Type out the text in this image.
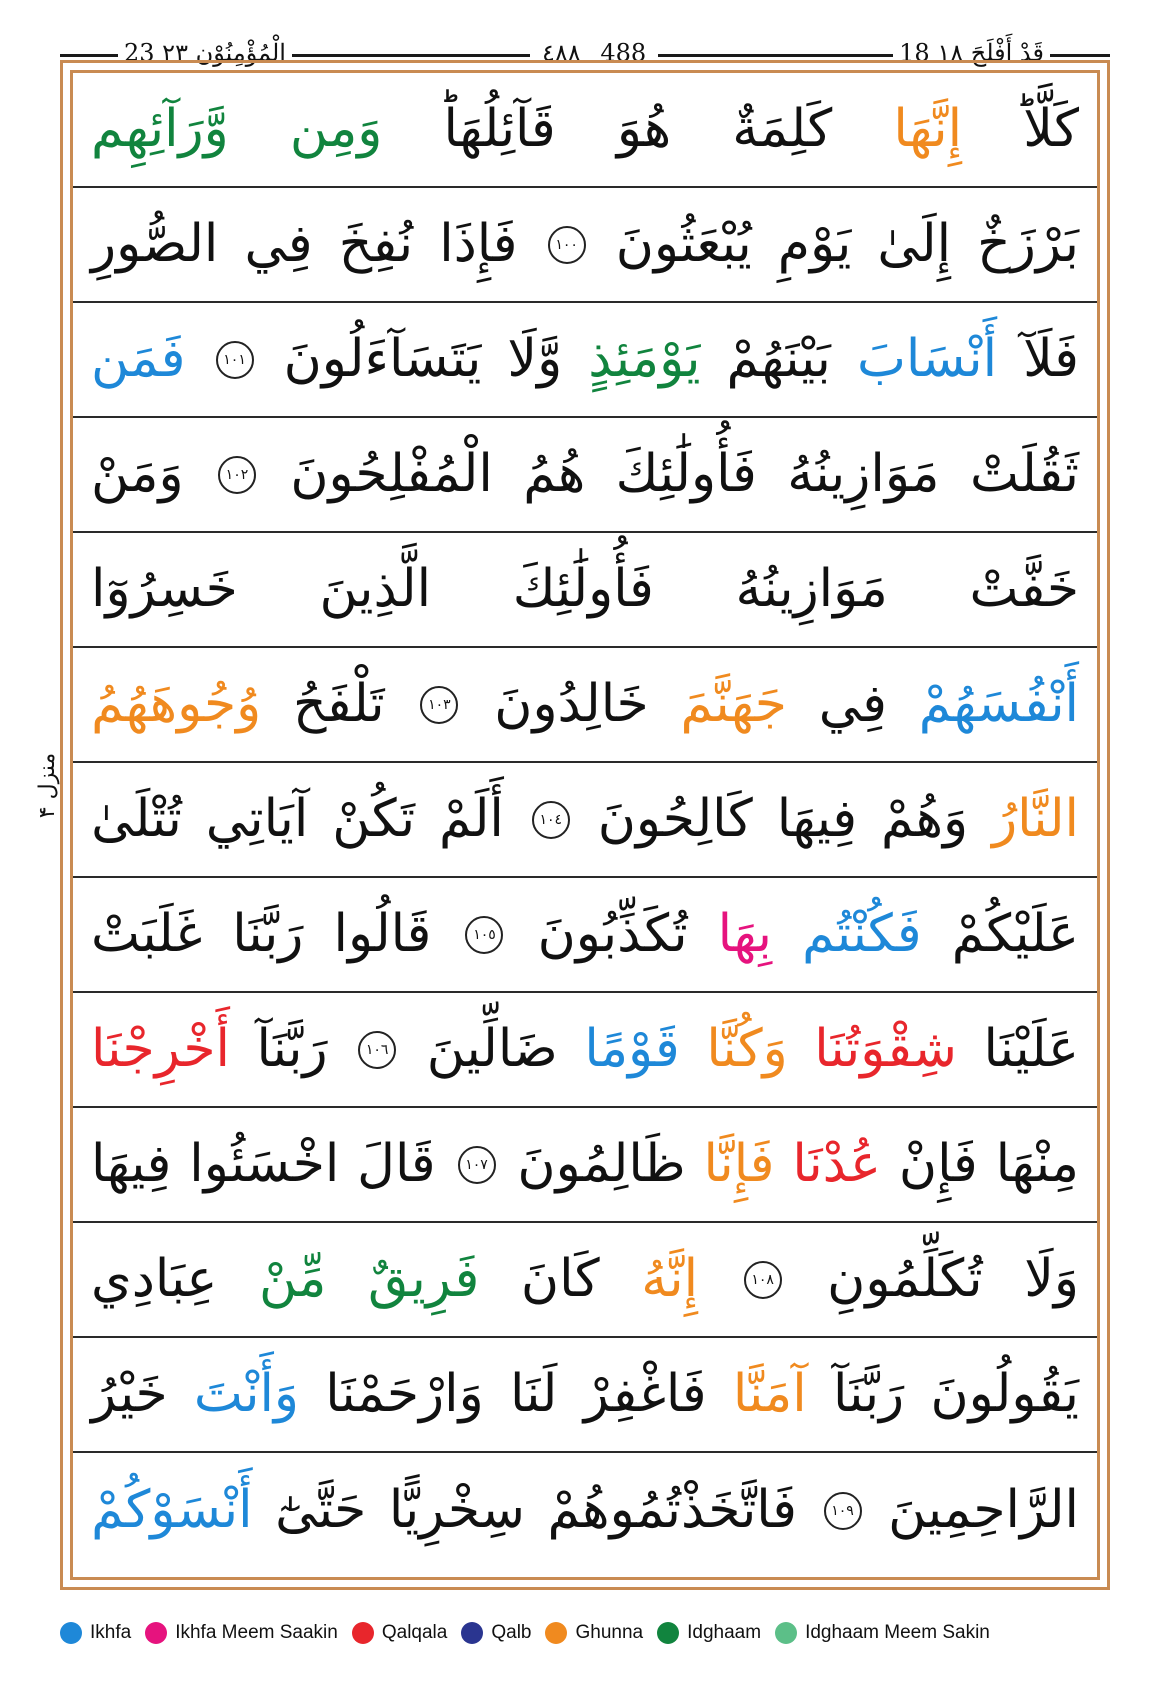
23 الْمُؤْمِنُوْن ٢٣	٤٨٨ 488	18 قَدْ أَفْلَحَ ١٨
كَلَّاؕ
إِنَّهَا
كَلِمَةٌ
هُوَ
قَآئِلُهَاؕ
وَمِن
وَّرَآئِهِم
بَرْزَخٌ
إِلَىٰ
يَوْمِ
يُبْعَثُونَ
١٠٠
فَإِذَا
نُفِخَ
فِي
الصُّورِ
فَلَآ
أَنْسَابَ
بَيْنَهُمْ
يَوْمَئِذٍ
وَّلَا
يَتَسَآءَلُونَ
١٠١
فَمَن
ثَقُلَتْ
مَوَازِينُهُ
فَأُولَٰئِكَ
هُمُ
الْمُفْلِحُونَ
١٠٢
وَمَنْ
خَفَّتْ
مَوَازِينُهُ
فَأُولَٰئِكَ
الَّذِينَ
خَسِرُوٓا
أَنْفُسَهُمْ
فِي
جَهَنَّمَ
خَالِدُونَ
١٠٣
تَلْفَحُ
وُجُوهَهُمُ
النَّارُ
وَهُمْ
فِيهَا
كَالِحُونَ
١٠٤
أَلَمْ
تَكُنْ
آيَاتِي
تُتْلَىٰ
عَلَيْكُمْ
فَكُنْتُم
بِهَا
تُكَذِّبُونَ
١٠٥
قَالُوا
رَبَّنَا
غَلَبَتْ
عَلَيْنَا
شِقْوَتُنَا
وَكُنَّا
قَوْمًا
ضَالِّينَ
١٠٦
رَبَّنَآ
أَخْرِجْنَا
مِنْهَا
فَإِنْ
عُدْنَا
فَإِنَّا
ظَالِمُونَ
١٠٧
قَالَ
اخْسَئُوا
فِيهَا
وَلَا
تُكَلِّمُونِ
١٠٨
إِنَّهُ
كَانَ
فَرِيقٌ
مِّنْ
عِبَادِي
يَقُولُونَ
رَبَّنَآ
آمَنَّا
فَاغْفِرْ
لَنَا
وَارْحَمْنَا
وَأَنْتَ
خَيْرُ
الرَّاحِمِينَ
١٠٩
فَاتَّخَذْتُمُوهُمْ
سِخْرِيًّا
حَتَّىٰٓ
أَنْسَوْكُمْ
منزل ۴
Ikhfa Ikhfa Meem Saakin Qalqala Qalb Ghunna Idghaam Idghaam Meem Sakin
